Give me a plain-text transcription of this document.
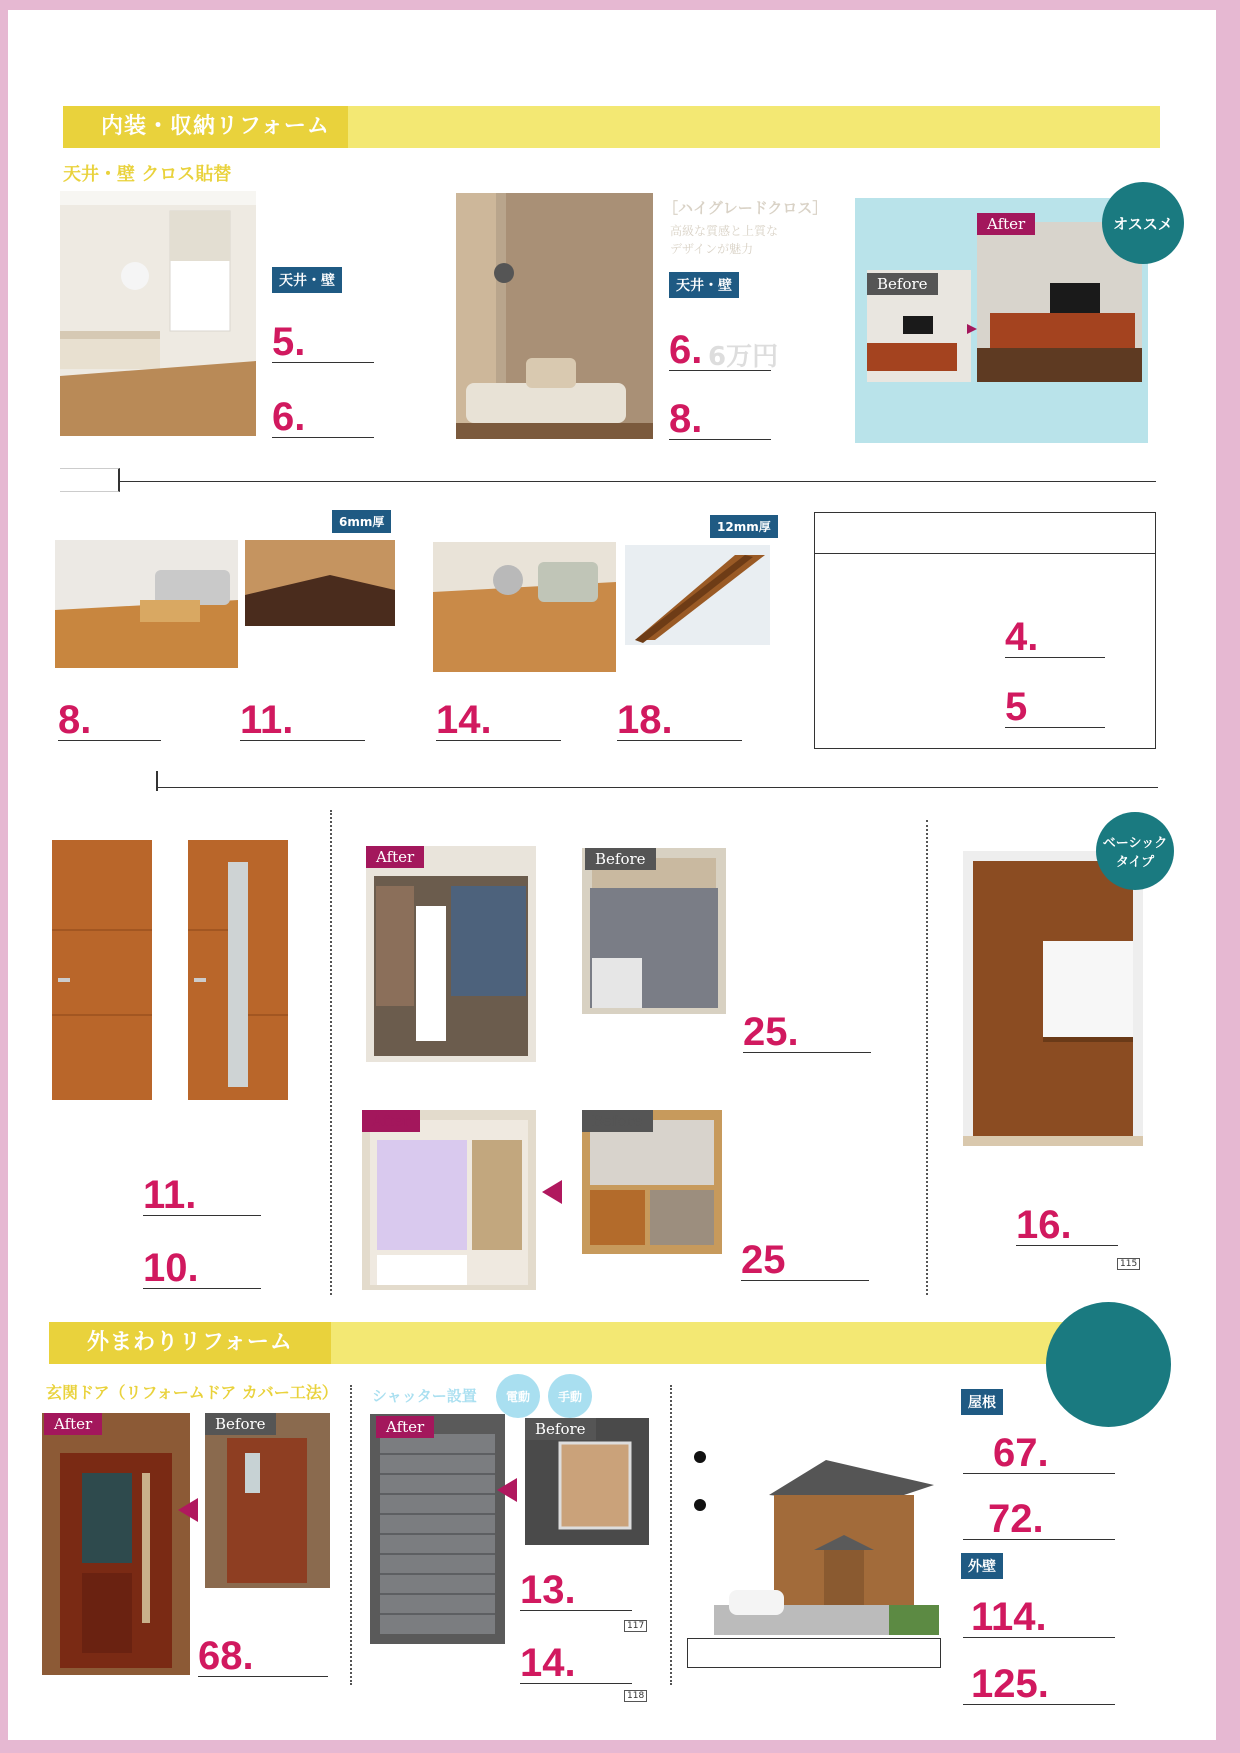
内装・収納リフォーム
天井・壁 クロス貼替
天井・壁
5.
6.
［ハイグレードクロス］
高級な質感と上質な
デザインが魅力
天井・壁
6. 6万円
8.
After
Before
オススメ
6mm厚	12mm厚
8.	11.	14.	18.
4.
5
11.
10.
After	Before
25.
After	Before
25
ベーシック
タイプ
16.
115
外まわりリフォーム
玄関ドア（リフォームドア カバー工法） シャッター設置	電動	手動
After	Before
68.
After	Before
13.
117
14.
118
屋根
67.
72.
外壁
114.
125.
